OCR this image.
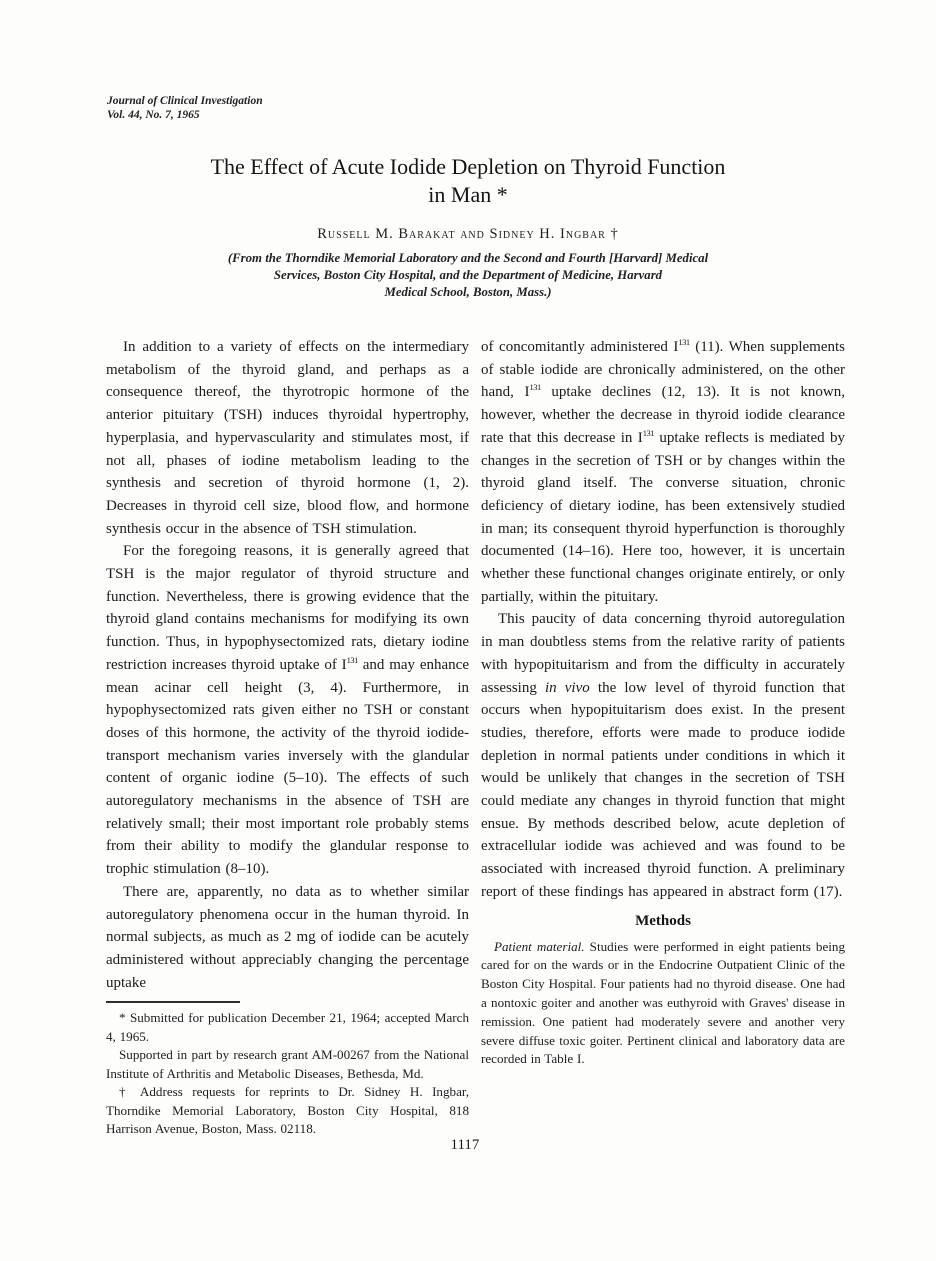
Journal of Clinical Investigation
Vol. 44, No. 7, 1965
The Effect of Acute Iodide Depletion on Thyroid Function
in Man *
Russell M. Barakat and Sidney H. Ingbar †
(From the Thorndike Memorial Laboratory and the Second and Fourth [Harvard] Medical
Services, Boston City Hospital, and the Department of Medicine, Harvard
Medical School, Boston, Mass.)

In addition to a variety of effects on the intermediary metabolism of the thyroid gland, and perhaps as a consequence thereof, the thyrotropic hormone of the anterior pituitary (TSH) induces thyroidal hypertrophy, hyperplasia, and hypervascularity and stimulates most, if not all, phases of iodine metabolism leading to the synthesis and secretion of thyroid hormone (1, 2). Decreases in thyroid cell size, blood flow, and hormone synthesis occur in the absence of TSH stimulation.

For the foregoing reasons, it is generally agreed that TSH is the major regulator of thyroid structure and function. Nevertheless, there is growing evidence that the thyroid gland contains mechanisms for modifying its own function. Thus, in hypophysectomized rats, dietary iodine restriction increases thyroid uptake of $I^{131}$ and may enhance mean acinar cell height (3, 4). Furthermore, in hypophysectomized rats given either no TSH or constant doses of this hormone, the activity of the thyroid iodide-transport mechanism varies inversely with the glandular content of organic iodine (5–10). The effects of such autoregulatory mechanisms in the absence of TSH are relatively small; their most important role probably stems from their ability to modify the glandular response to trophic stimulation (8–10).

There are, apparently, no data as to whether similar autoregulatory phenomena occur in the human thyroid. In normal subjects, as much as 2 mg of iodide can be acutely administered without appreciably changing the percentage uptake

* Submitted for publication December 21, 1964; accepted March 4, 1965.

Supported in part by research grant AM-00267 from the National Institute of Arthritis and Metabolic Diseases, Bethesda, Md.

† Address requests for reprints to Dr. Sidney H. Ingbar, Thorndike Memorial Laboratory, Boston City Hospital, 818 Harrison Avenue, Boston, Mass. 02118.

of concomitantly administered $I^{131}$ (11). When supplements of stable iodide are chronically administered, on the other hand, $I^{131}$ uptake declines (12, 13). It is not known, however, whether the decrease in thyroid iodide clearance rate that this decrease in $I^{131}$ uptake reflects is mediated by changes in the secretion of TSH or by changes within the thyroid gland itself. The converse situation, chronic deficiency of dietary iodine, has been extensively studied in man; its consequent thyroid hyperfunction is thoroughly documented (14–16). Here too, however, it is uncertain whether these functional changes originate entirely, or only partially, within the pituitary.

This paucity of data concerning thyroid autoregulation in man doubtless stems from the relative rarity of patients with hypopituitarism and from the difficulty in accurately assessing in vivo the low level of thyroid function that occurs when hypopituitarism does exist. In the present studies, therefore, efforts were made to produce iodide depletion in normal patients under conditions in which it would be unlikely that changes in the secretion of TSH could mediate any changes in thyroid function that might ensue. By methods described below, acute depletion of extracellular iodide was achieved and was found to be associated with increased thyroid function. A preliminary report of these findings has appeared in abstract form (17).

Methods

Patient material. Studies were performed in eight patients being cared for on the wards or in the Endocrine Outpatient Clinic of the Boston City Hospital. Four patients had no thyroid disease. One had a nontoxic goiter and another was euthyroid with Graves' disease in remission. One patient had moderately severe and another very severe diffuse toxic goiter. Pertinent clinical and laboratory data are recorded in Table I.

1117
